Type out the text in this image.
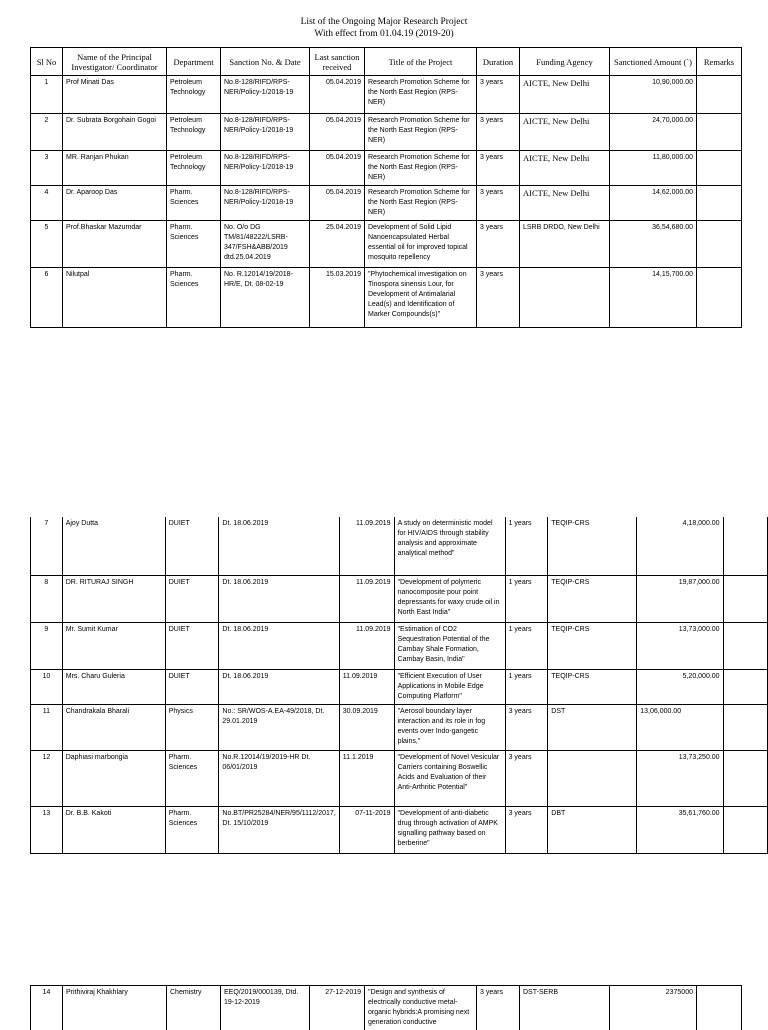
List of the Ongoing Major Research Project
With effect from 01.04.19 (2019-20)
Sl No	Name of the Principal Investigator/ Coordinator	Department	Sanction No. & Date	Last sanction received	Title of the Project	Duration	Funding Agency	Sanctioned Amount (`)	Remarks
1	Prof Minati Das	Petroleum Technology	No.8-128/RIFD/RPS-NER/Policy-1/2018-19	05.04.2019	Research Promotion Scheme for the North East Region (RPS-NER)	3 years	AICTE, New Delhi	10,90,000.00	
2	Dr. Subrata Borgohain Gogoi	Petroleum Technology	No.8-128/RIFD/RPS-NER/Policy-1/2018-19	05.04.2019	Research Promotion Scheme for the North East Region (RPS-NER)	3 years	AICTE, New Delhi	24,70,000.00	
3	MR. Ranjan Phukan	Petroleum Technology	No.8-128/RIFD/RPS-NER/Policy-1/2018-19	05.04.2019	Research Promotion Scheme for the North East Region (RPS-NER)	3 years	AICTE, New Delhi	11,80,000.00	
4	Dr. Aparoop Das	Pharm. Sciences	No.8-128/RIFD/RPS-NER/Policy-1/2018-19	05.04.2019	Research Promotion Scheme for the North East Region (RPS-NER)	3 years	AICTE, New Delhi	14,62,000.00	
5	Prof.Bhaskar Mazumdar	Pharm. Sciences	No. O/o DG TM/81/48222/LSRB-347/FSH&ABB/2019 dtd.25.04.2019	25.04.2019	Development of Solid Lipid Nanoencapsulated Herbal essential oil for improved topical mosquito repellency	3 years	LSRB DRDO, New Delhi	36,54,680.00	
6	Nilutpal	Pharm. Sciences	No. R.12014/19/2018-HR/E, Dt. 08-02-19	15.03.2019	"Phytochemical investigation on Tinospora sinensis Lour, for Development of Antimalarial Lead(s) and Identification of Marker Compounds(s)"	3 years		14,15,700.00	
7	Ajoy Dutta	DUIET	Dt. 18.06.2019	11.09.2019	A study on deterministic model for HIV/AIDS through stability analysis and approximate analytical method"	1 years	TEQIP-CRS	4,18,000.00	
8	DR. RITURAJ SINGH	DUIET	Dt. 18.06.2019	11.09.2019	"Development of polymeric nanocomposite pour point depressants for waxy crude oil in North East India"	1 years	TEQIP-CRS	19,87,000.00	
9	Mr. Sumit Kumar	DUIET	Dt. 18.06.2019	11.09.2019	"Estimation of CO2 Sequestration Potential of the Cambay Shale Formation, Cambay Basin, India"	1 years	TEQIP-CRS	13,73,000.00	
10	Mrs. Charu Guleria	DUIET	Dt. 18.06.2019	11.09.2019	"Efficient Execution of User Applications in Mobile Edge Computing Platform"	1 years	TEQIP-CRS	5,20,000.00	
11	Chandrakala Bharali	Physics	No.: SR/WOS-A.EA-49/2018, Dt. 29.01.2019	30.09.2019	"Aerosol boundary layer interaction and its role in fog events over Indo-gangetic plains,"	3 years	DST	13,06,000.00	
12	Daphiasi marbongia	Pharm. Sciences	No.R.12014/19/2019-HR Dt. 06/01/2019	11.1.2019	"Development of Novel Vesicular Carriers containing Boswellic Acids and Evaluation of their Anti-Arthritic Potential"	3 years		13,73,250.00	
13	Dr. B.B. Kakoti	Pharm. Sciences	No.BT/PR25284/NER/95/1112/2017, Dt. 15/10/2019	07-11-2019	"Development of anti-diabetic drug through activation of AMPK signalling pathway based on berberine"	3 years	DBT	35,61,760.00	
14	Prithiviraj Khakhlary	Chemistry	EEQ/2019/000139, Dtd. 19-12-2019	27-12-2019	"Design and synthesis of electrically conductive metal-organic hybrids:A promising next generation conductive	3 years	DST-SERB	2375000	
